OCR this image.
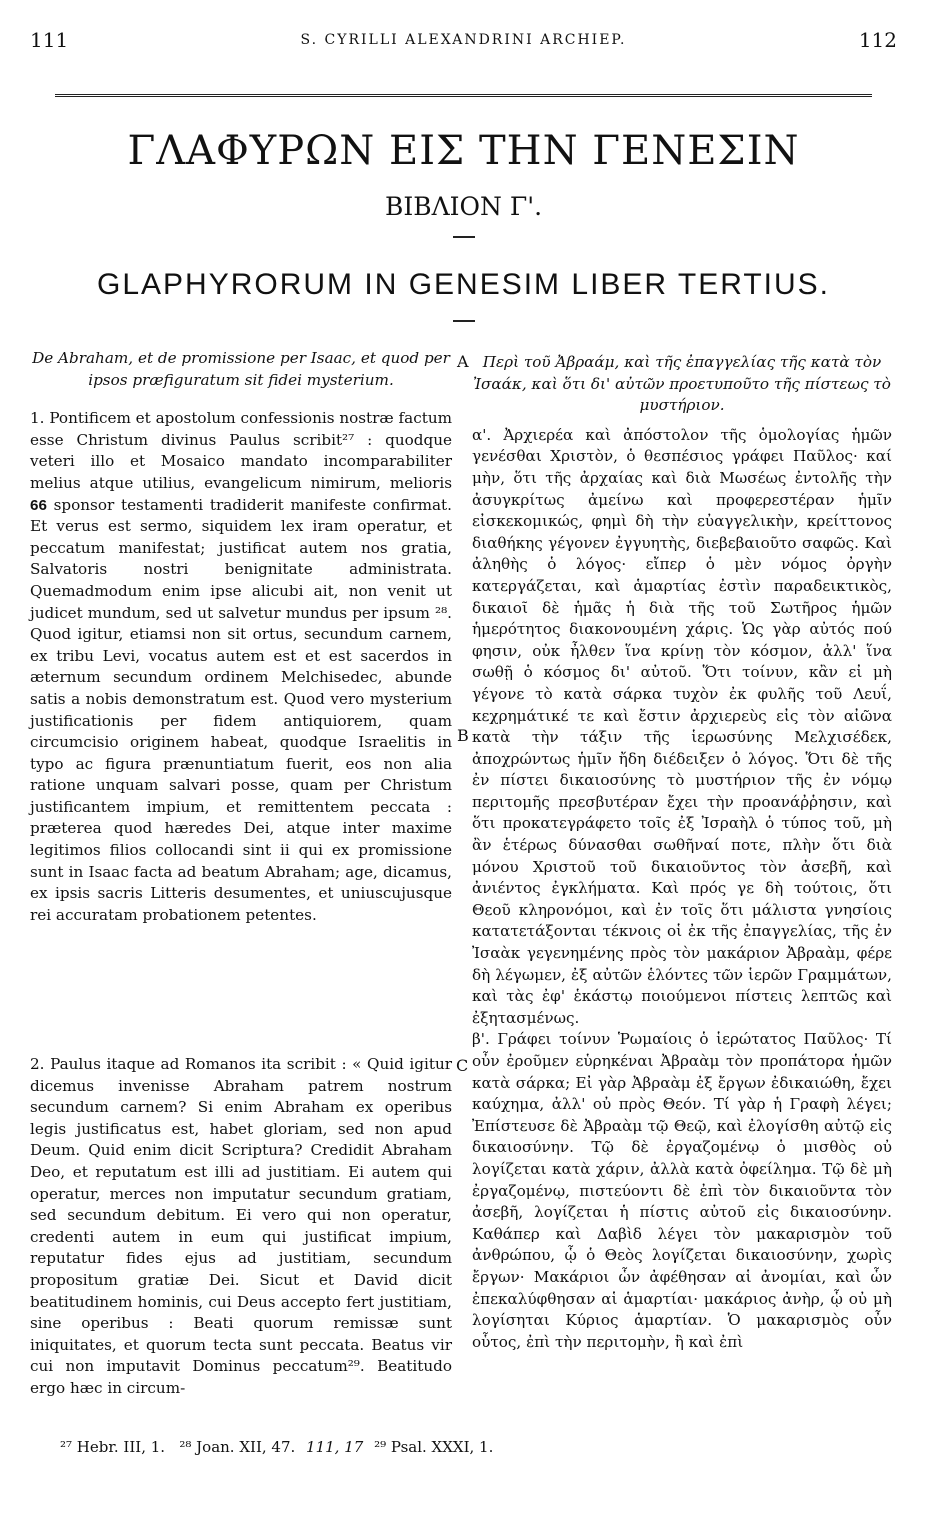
111	S. CYRILLI ALEXANDRINI ARCHIEP.	112
ΓΛΑΦΥΡΩΝ ΕΙΣ ΤΗΝ ΓΕΝΕΣΙΝ
ΒΙΒΛΙΟΝ Γ'.
GLAPHYRORUM IN GENESIM LIBER TERTIUS.

De Abraham, et de promissione per Isaac, et quod per ipsos præfiguratum sit fidei mysterium.

1. Pontificem et apostolum confessionis nostræ factum esse Christum divinus Paulus scribit²⁷ : quodque veteri illo et Mosaico mandato incomparabiliter melius atque utilius, evangelicum nimirum, melioris 66 sponsor testamenti tradiderit manifeste confirmat. Et verus est sermo, siquidem lex iram operatur, et peccatum manifestat; justificat autem nos gratia, Salvatoris nostri benignitate administrata. Quemadmodum enim ipse alicubi ait, non venit ut judicet mundum, sed ut salvetur mundus per ipsum ²⁸. Quod igitur, etiamsi non sit ortus, secundum carnem, ex tribu Levi, vocatus autem est et est sacerdos in æternum secundum ordinem Melchisedec, abunde satis a nobis demonstratum est. Quod vero mysterium justificationis per fidem antiquiorem, quam circumcisio originem habeat, quodque Israelitis in typo ac figura prænuntiatum fuerit, eos non alia ratione unquam salvari posse, quam per Christum justificantem impium, et remittentem peccata : præterea quod hæredes Dei, atque inter maxime legitimos filios collocandi sint ii qui ex promissione sunt in Isaac facta ad beatum Abraham; age, dicamus, ex ipsis sacris Litteris desumentes, et uniuscujusque rei accuratam probationem petentes.

2. Paulus itaque ad Romanos ita scribit : « Quid igitur dicemus invenisse Abraham patrem nostrum secundum carnem? Si enim Abraham ex operibus legis justificatus est, habet gloriam, sed non apud Deum. Quid enim dicit Scriptura? Credidit Abraham Deo, et reputatum est illi ad justitiam. Ei autem qui operatur, merces non imputatur secundum gratiam, sed secundum debitum. Ei vero qui non operatur, credenti autem in eum qui justificat impium, reputatur fides ejus ad justitiam, secundum propositum gratiæ Dei. Sicut et David dicit beatitudinem hominis, cui Deus accepto fert justitiam, sine operibus : Beati quorum remissæ sunt iniquitates, et quorum tecta sunt peccata. Beatus vir cui non imputavit Dominus peccatum²⁹. Beatitudo ergo hæc in circum-

A
B
C

Περὶ τοῦ Ἀβραάμ, καὶ τῆς ἐπαγγελίας τῆς κατὰ τὸν Ἰσαάκ, καὶ ὅτι δι' αὐτῶν προετυποῦτο τῆς πίστεως τὸ μυστήριον.

α'. Ἀρχιερέα καὶ ἀπόστολον τῆς ὁμολογίας ἡμῶν γενέσθαι Χριστὸν, ὁ θεσπέσιος γράφει Παῦλος· καί μὴν, ὅτι τῆς ἀρχαίας καὶ διὰ Μωσέως ἐντολῆς τὴν ἀσυγκρίτως ἀμείνω καὶ προφερεστέραν ἡμῖν εἰσκεκομικώς, φημὶ δὴ τὴν εὐαγγελικὴν, κρείττονος διαθήκης γέγονεν ἐγγυητὴς, διεβεβαιοῦτο σαφῶς. Καὶ ἀληθὴς ὁ λόγος· εἴπερ ὁ μὲν νόμος ὀργὴν κατεργάζεται, καὶ ἁμαρτίας ἐστὶν παραδεικτικὸς, δικαιοῖ δὲ ἡμᾶς ἡ διὰ τῆς τοῦ Σωτῆρος ἡμῶν ἡμερότητος διακονουμένη χάρις. Ὡς γὰρ αὐτός πού φησιν, οὐκ ἦλθεν ἵνα κρίνῃ τὸν κόσμον, ἀλλ' ἵνα σωθῇ ὁ κόσμος δι' αὐτοῦ. Ὅτι τοίνυν, κἂν εἰ μὴ γέγονε τὸ κατὰ σάρκα τυχὸν ἐκ φυλῆς τοῦ Λευΐ, κεχρημάτικέ τε καὶ ἔστιν ἀρχιερεὺς εἰς τὸν αἰῶνα κατὰ τὴν τάξιν τῆς ἱερωσύνης Μελχισέδεκ, ἀποχρώντως ἡμῖν ἤδη διέδειξεν ὁ λόγος. Ὅτι δὲ τῆς ἐν πίστει δικαιοσύνης τὸ μυστήριον τῆς ἐν νόμῳ περιτομῆς πρεσβυτέραν ἔχει τὴν προανάῤῥησιν, καὶ ὅτι προκατεγράφετο τοῖς ἐξ Ἰσραὴλ ὁ τύπος τοῦ, μὴ ἂν ἑτέρως δύνασθαι σωθῆναί ποτε, πλὴν ὅτι διὰ μόνου Χριστοῦ τοῦ δικαιοῦντος τὸν ἀσεβῆ, καὶ ἀνιέντος ἐγκλήματα. Καὶ πρός γε δὴ τούτοις, ὅτι Θεοῦ κληρονόμοι, καὶ ἐν τοῖς ὅτι μάλιστα γνησίοις κατατετάξονται τέκνοις οἱ ἐκ τῆς ἐπαγγελίας, τῆς ἐν Ἰσαὰκ γεγενημένης πρὸς τὸν μακάριον Ἀβραὰμ, φέρε δὴ λέγωμεν, ἐξ αὐτῶν ἑλόντες τῶν ἱερῶν Γραμμάτων, καὶ τὰς ἐφ' ἑκάστῳ ποιούμενοι πίστεις λεπτῶς καὶ ἐξητασμένως.

β'. Γράφει τοίνυν Ῥωμαίοις ὁ ἱερώτατος Παῦλος· Τί οὖν ἐροῦμεν εὑρηκέναι Ἀβραὰμ τὸν προπάτορα ἡμῶν κατὰ σάρκα; Εἰ γὰρ Ἀβραὰμ ἐξ ἔργων ἐδικαιώθη, ἔχει καύχημα, ἀλλ' οὐ πρὸς Θεόν. Τί γὰρ ἡ Γραφὴ λέγει; Ἐπίστευσε δὲ Ἀβραὰμ τῷ Θεῷ, καὶ ἐλογίσθη αὐτῷ εἰς δικαιοσύνην. Τῷ δὲ ἐργαζομένῳ ὁ μισθὸς οὐ λογίζεται κατὰ χάριν, ἀλλὰ κατὰ ὀφείλημα. Τῷ δὲ μὴ ἐργαζομένῳ, πιστεύοντι δὲ ἐπὶ τὸν δικαιοῦντα τὸν ἀσεβῆ, λογίζεται ἡ πίστις αὐτοῦ εἰς δικαιοσύνην. Καθάπερ καὶ Δαβὶδ λέγει τὸν μακαρισμὸν τοῦ ἀνθρώπου, ᾧ ὁ Θεὸς λογίζεται δικαιοσύνην, χωρὶς ἔργων· Μακάριοι ὧν ἀφέθησαν αἱ ἀνομίαι, καὶ ὧν ἐπεκαλύφθησαν αἱ ἁμαρτίαι· μακάριος ἀνὴρ, ᾧ οὐ μὴ λογίσηται Κύριος ἁμαρτίαν. Ὁ μακαρισμὸς οὖν οὗτος, ἐπὶ τὴν περιτομὴν, ἢ καὶ ἐπὶ

²⁷ Hebr. III, 1. ²⁸ Joan. XII, 47. 111, 17 ²⁹ Psal. XXXI, 1.
